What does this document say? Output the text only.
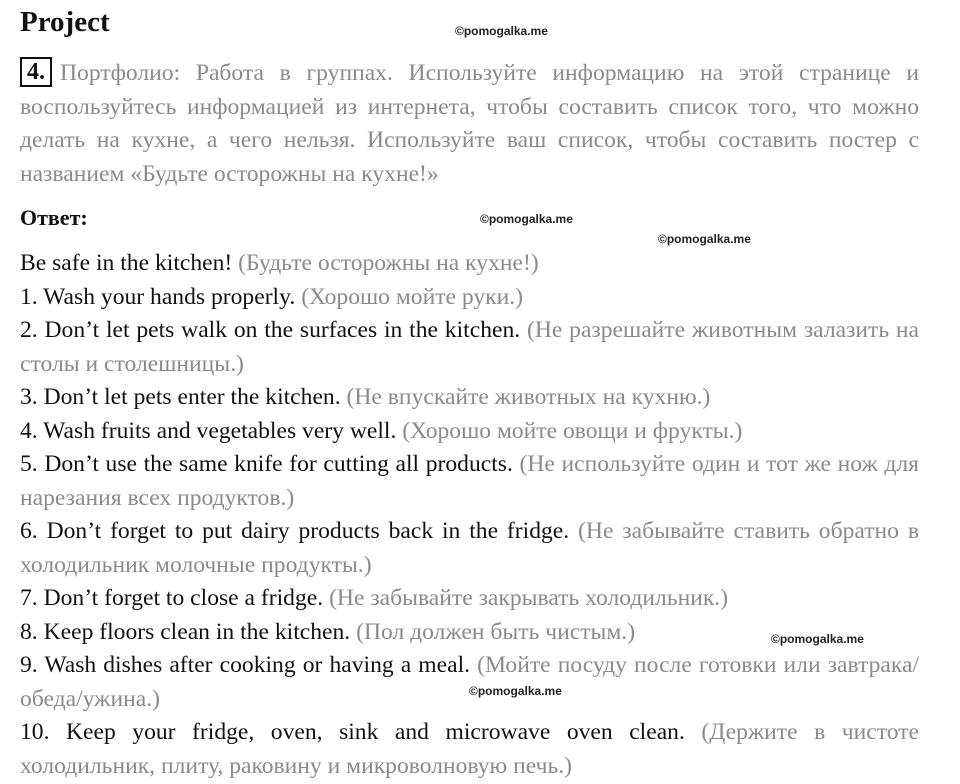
Project	©pomogalka.me
©pomogalka.me
©pomogalka.me
©pomogalka.me
©pomogalka.me
4. Портфолио: Работа в группах. Используйте информацию на этой странице и воспользуйтесь информацией из интернета, чтобы составить список того, что можно делать на кухне, а чего нельзя. Используйте ваш список, чтобы составить постер с названием «Будьте осторожны на кухне!»
Ответ:
Be safe in the kitchen! (Будьте осторожны на кухне!)
1. Wash your hands properly. (Хорошо мойте руки.)
2. Don’t let pets walk on the surfaces in the kitchen. (Не разрешайте животным залазить на столы и столешницы.)
3. Don’t let pets enter the kitchen. (Не впускайте животных на кухню.)
4. Wash fruits and vegetables very well. (Хорошо мойте овощи и фрукты.)
5. Don’t use the same knife for cutting all products. (Не используйте один и тот же нож для нарезания всех продуктов.)
6. Don’t forget to put dairy products back in the fridge. (Не забывайте ставить обратно в холодильник молочные продукты.)
7. Don’t forget to close a fridge. (Не забывайте закрывать холодильник.)
8. Keep floors clean in the kitchen. (Пол должен быть чистым.)
9. Wash dishes after cooking or having a meal. (Мойте посуду после готовки или завтрака/обеда/ужина.)
10. Keep your fridge, oven, sink and microwave oven clean. (Держите в чистоте холодильник, плиту, раковину и микроволновую печь.)
